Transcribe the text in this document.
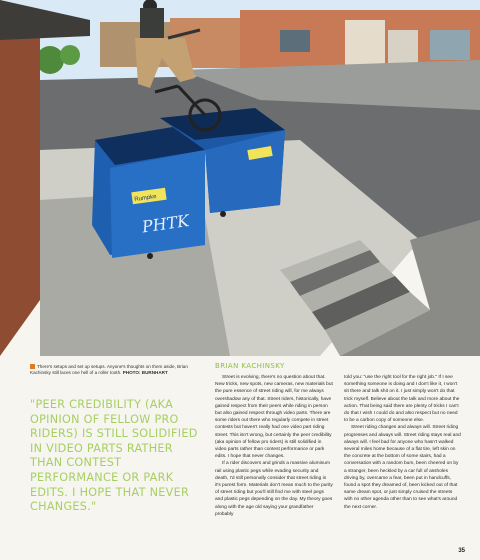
Rumpke
PHTK
There's setups and set up setups. Anyone's thoughts on them aside, Brian Kachinsky still laces one hell of a roller tooth. PHOTO: BURNHART
"PEER CREDIBILITY (AKA OPINION OF FELLOW PRO RIDERS) IS STILL SOLIDIFIED IN VIDEO PARTS RATHER THAN CONTEST PERFORMANCE OR PARK EDITS. I HOPE THAT NEVER CHANGES."
BRIAN KACHINSKY

Street is evolving, there's no question about that. New tricks, new spots, new cameras, new materials but the pure essence of street riding will, for me always overshadow any of that. Street riders, historically, have gained respect from their peers while riding in person but also gained respect through video parts. There are some riders out there who regularly compete in street contests but haven't really had one video part riding street. This isn't wrong, but certainly the peer credibility (aka opinion of fellow pro riders) is still solidified in video parts rather than contest performance or park edits. I hope that never changes.

If a rider discovers and grinds a massive aluminum rail using plastic pegs while evading security and death, I'd still personally consider that street riding in it's purest form. Materials don't mean much to the purity of street riding but you'll still find me with steel pegs and plastic pegs depending on the day. My theory goes along with the age old saying your grandfather probably

told you: "use the right tool for the right job." If I see something someone is doing and I don't like it, I won't sit there and talk shit on it. I just simply won't do that trick myself. Believe about the talk and more about the action. That being said there are plenty of tricks I can't do that I wish I could do and also respect but no need to be a carbon copy of someone else.

Street riding changes and always will. Street riding progresses and always will. Street riding stays real and always will. I feel bad for anyone who hasn't walked several miles home because of a flat tire, left skin on the concrete at the bottom of some stairs, had a conversation with a random bum, been cheered on by a stranger, been heckled by a car full of assholes driving by, overcame a fear, been put in handcuffs, found a spot they dreamed of, been kicked out of that same dream spot, or just simply cruised the streets with no other agenda other than to see what's around the next corner.

35
